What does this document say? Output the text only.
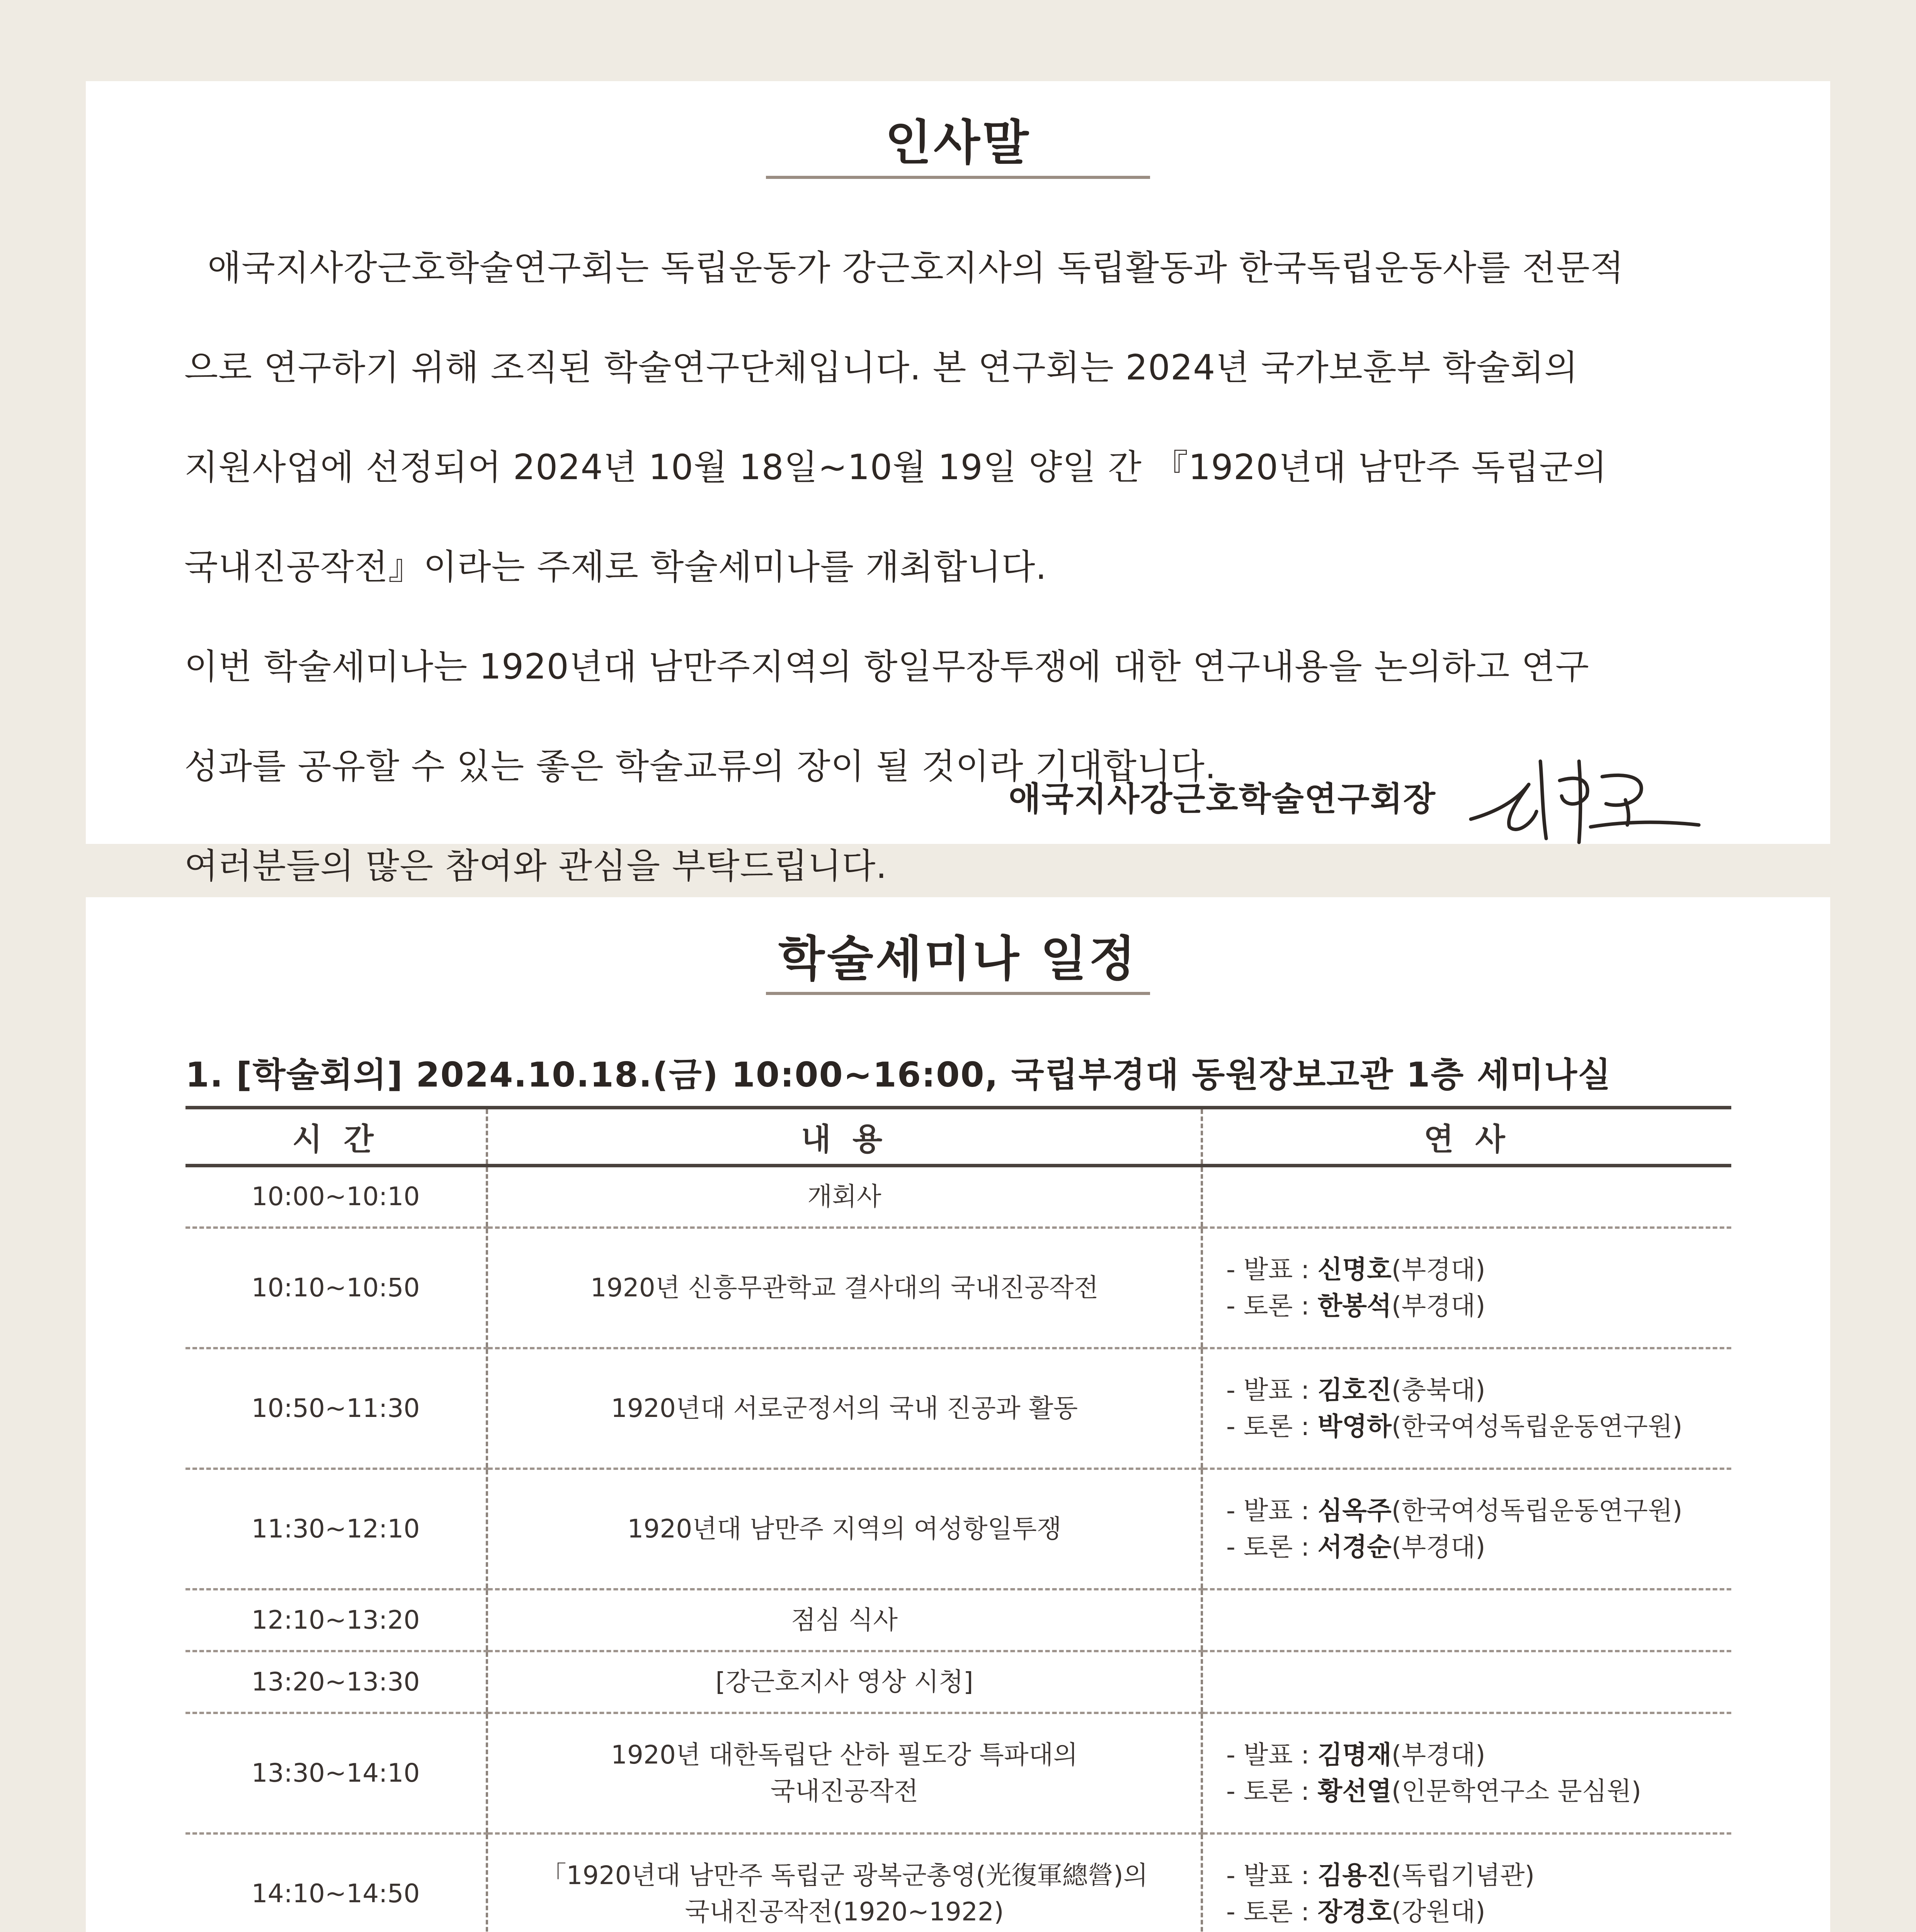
인사말

애국지사강근호학술연구회는 독립운동가 강근호지사의 독립활동과 한국독립운동사를 전문적

으로 연구하기 위해 조직된 학술연구단체입니다. 본 연구회는 2024년 국가보훈부 학술회의

지원사업에 선정되어 2024년 10월 18일~10월 19일 양일 간 『1920년대 남만주 독립군의

국내진공작전』이라는 주제로 학술세미나를 개최합니다.

이번 학술세미나는 1920년대 남만주지역의 항일무장투쟁에 대한 연구내용을 논의하고 연구

성과를 공유할 수 있는 좋은 학술교류의 장이 될 것이라 기대합니다.

여러분들의 많은 참여와 관심을 부탁드립니다.

애국지사강근호학술연구회장
학술세미나 일정
1. [학술회의] 2024.10.18.(금) 10:00~16:00, 국립부경대 동원장보고관 1층 세미나실
시 간	내 용	연 사
10:00~10:10	개회사	

10:10~10:50	1920년 신흥무관학교 결사대의 국내진공작전	- 발표 : 신명호(부경대)
- 토론 : 한봉석(부경대)

10:50~11:30	1920년대 서로군정서의 국내 진공과 활동	- 발표 : 김호진(충북대)
- 토론 : 박영하(한국여성독립운동연구원)

11:30~12:10	1920년대 남만주 지역의 여성항일투쟁	- 발표 : 심옥주(한국여성독립운동연구원)
- 토론 : 서경순(부경대)

12:10~13:20	점심 식사	

13:20~13:30	[강근호지사 영상 시청]	

13:30~14:10	1920년 대한독립단 산하 필도강 특파대의
국내진공작전	- 발표 : 김명재(부경대)
- 토론 : 황선열(인문학연구소 문심원)

14:10~14:50	「1920년대 남만주 독립군 광복군총영(光復軍總營)의
국내진공작전(1920~1922)	- 발표 : 김용진(독립기념관)
- 토론 : 장경호(강원대)
